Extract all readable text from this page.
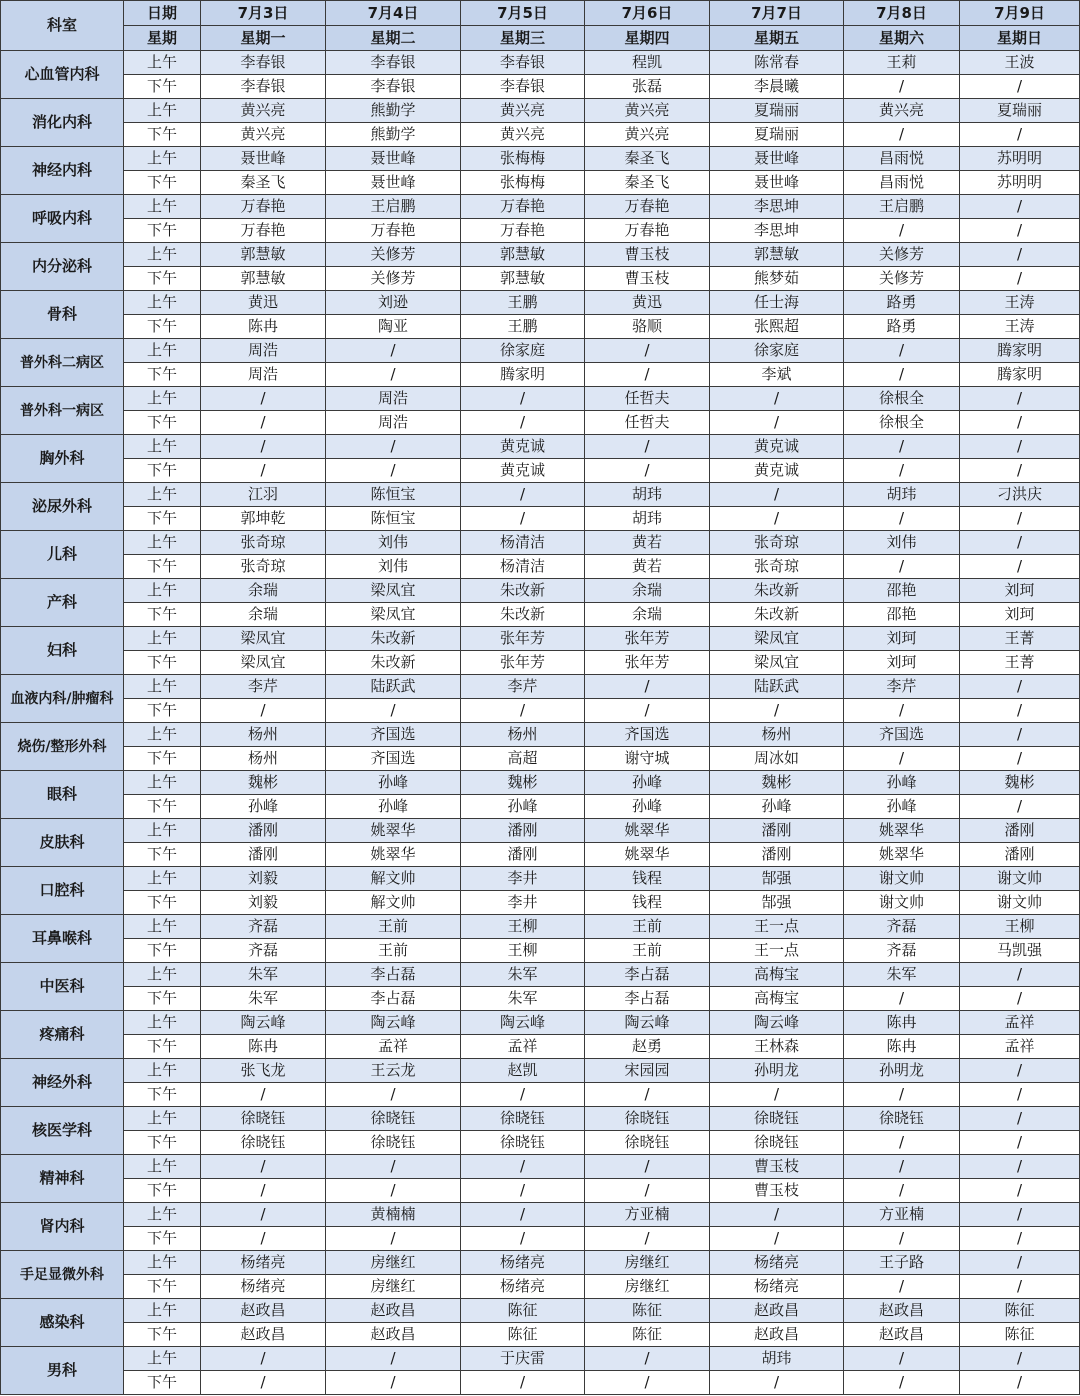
科室	日期	7月3日	7月4日	7月5日	7月6日	7月7日	7月8日	7月9日
	星期	星期一	星期二	星期三	星期四	星期五	星期六	星期日
心血管内科	上午	李春银	李春银	李春银	程凯	陈常春	王莉	王波
	下午	李春银	李春银	李春银	张磊	李晨曦	/	/
消化内科	上午	黄兴亮	熊勤学	黄兴亮	黄兴亮	夏瑞丽	黄兴亮	夏瑞丽
	下午	黄兴亮	熊勤学	黄兴亮	黄兴亮	夏瑞丽	/	/
神经内科	上午	聂世峰	聂世峰	张梅梅	秦圣飞	聂世峰	昌雨悦	苏明明
	下午	秦圣飞	聂世峰	张梅梅	秦圣飞	聂世峰	昌雨悦	苏明明
呼吸内科	上午	万春艳	王启鹏	万春艳	万春艳	李思坤	王启鹏	/
	下午	万春艳	万春艳	万春艳	万春艳	李思坤	/	/
内分泌科	上午	郭慧敏	关修芳	郭慧敏	曹玉枝	郭慧敏	关修芳	/
	下午	郭慧敏	关修芳	郭慧敏	曹玉枝	熊梦茹	关修芳	/
骨科	上午	黄迅	刘逊	王鹏	黄迅	任士海	路勇	王涛
	下午	陈冉	陶亚	王鹏	骆顺	张熙超	路勇	王涛
普外科二病区	上午	周浩	/	徐家庭	/	徐家庭	/	腾家明
	下午	周浩	/	腾家明	/	李斌	/	腾家明
普外科一病区	上午	/	周浩	/	任哲夫	/	徐根全	/
	下午	/	周浩	/	任哲夫	/	徐根全	/
胸外科	上午	/	/	黄克诚	/	黄克诚	/	/
	下午	/	/	黄克诚	/	黄克诚	/	/
泌尿外科	上午	江羽	陈恒宝	/	胡玮	/	胡玮	刁洪庆
	下午	郭坤乾	陈恒宝	/	胡玮	/	/	/
儿科	上午	张奇琼	刘伟	杨清洁	黄若	张奇琼	刘伟	/
	下午	张奇琼	刘伟	杨清洁	黄若	张奇琼	/	/
产科	上午	余瑞	梁凤宜	朱改新	余瑞	朱改新	邵艳	刘珂
	下午	余瑞	梁凤宜	朱改新	余瑞	朱改新	邵艳	刘珂
妇科	上午	梁凤宜	朱改新	张年芳	张年芳	梁凤宜	刘珂	王菁
	下午	梁凤宜	朱改新	张年芳	张年芳	梁凤宜	刘珂	王菁
血液内科/肿瘤科	上午	李芹	陆跃武	李芹	/	陆跃武	李芹	/
	下午	/	/	/	/	/	/	/
烧伤/整形外科	上午	杨州	齐国选	杨州	齐国选	杨州	齐国选	/
	下午	杨州	齐国选	高超	谢守城	周冰如	/	/
眼科	上午	魏彬	孙峰	魏彬	孙峰	魏彬	孙峰	魏彬
	下午	孙峰	孙峰	孙峰	孙峰	孙峰	孙峰	/
皮肤科	上午	潘刚	姚翠华	潘刚	姚翠华	潘刚	姚翠华	潘刚
	下午	潘刚	姚翠华	潘刚	姚翠华	潘刚	姚翠华	潘刚
口腔科	上午	刘毅	解文帅	李井	钱程	郜强	谢文帅	谢文帅
	下午	刘毅	解文帅	李井	钱程	郜强	谢文帅	谢文帅
耳鼻喉科	上午	齐磊	王前	王柳	王前	王一点	齐磊	王柳
	下午	齐磊	王前	王柳	王前	王一点	齐磊	马凯强
中医科	上午	朱军	李占磊	朱军	李占磊	高梅宝	朱军	/
	下午	朱军	李占磊	朱军	李占磊	高梅宝	/	/
疼痛科	上午	陶云峰	陶云峰	陶云峰	陶云峰	陶云峰	陈冉	孟祥
	下午	陈冉	孟祥	孟祥	赵勇	王林森	陈冉	孟祥
神经外科	上午	张飞龙	王云龙	赵凯	宋园园	孙明龙	孙明龙	/
	下午	/	/	/	/	/	/	/
核医学科	上午	徐晓钰	徐晓钰	徐晓钰	徐晓钰	徐晓钰	徐晓钰	/
	下午	徐晓钰	徐晓钰	徐晓钰	徐晓钰	徐晓钰	/	/
精神科	上午	/	/	/	/	曹玉枝	/	/
	下午	/	/	/	/	曹玉枝	/	/
肾内科	上午	/	黄楠楠	/	方亚楠	/	方亚楠	/
	下午	/	/	/	/	/	/	/
手足显微外科	上午	杨绪亮	房继红	杨绪亮	房继红	杨绪亮	王子路	/
	下午	杨绪亮	房继红	杨绪亮	房继红	杨绪亮	/	/
感染科	上午	赵政昌	赵政昌	陈征	陈征	赵政昌	赵政昌	陈征
	下午	赵政昌	赵政昌	陈征	陈征	赵政昌	赵政昌	陈征
男科	上午	/	/	于庆雷	/	胡玮	/	/
	下午	/	/	/	/	/	/	/
